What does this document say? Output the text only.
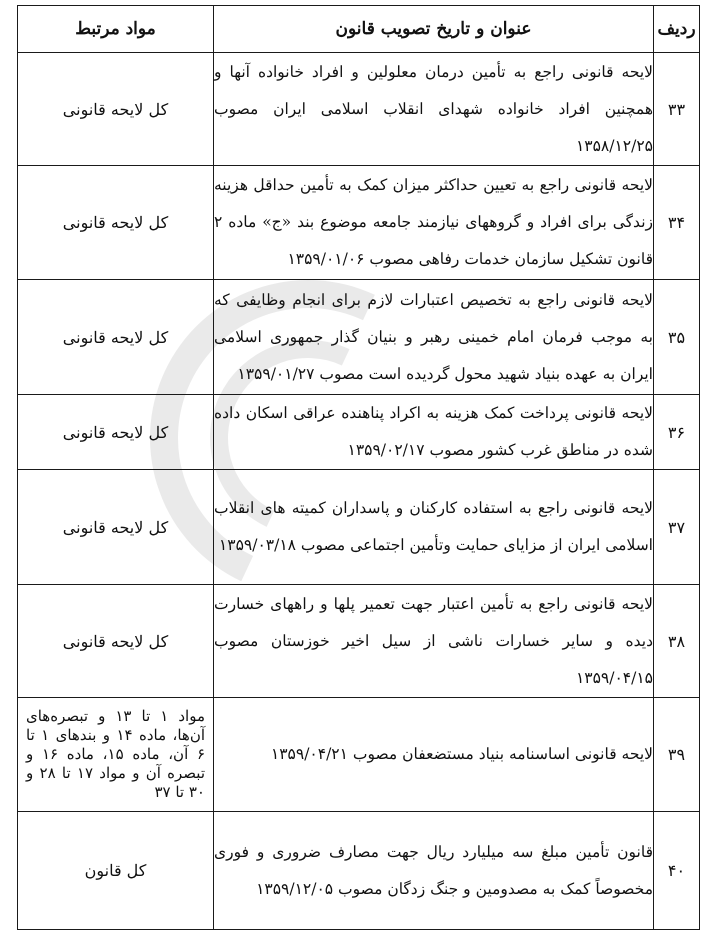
ردیف	عنوان و تاریخ تصویب قانون	مواد مرتبط
۳۳	لایحه قانونی راجع به تأمین درمان معلولین و افراد خانواده آنها و همچنین افراد خانواده شهدای انقلاب اسلامی ایران مصوب ۱۳۵۸/۱۲/۲۵	کل لایحه قانونی
۳۴	لایحه قانونی راجع به تعیین حداکثر میزان کمک به تأمین حداقل هزینه زندگی برای افراد و گروههای نیازمند جامعه موضوع بند «ج» ماده ۲ قانون تشکیل سازمان خدمات رفاهی مصوب ۱۳۵۹/۰۱/۰۶	کل لایحه قانونی
۳۵	لایحه قانونی راجع به تخصیص اعتبارات لازم برای انجام وظایفی که به موجب فرمان امام خمینی رهبر و بنیان گذار جمهوری اسلامی ایران به عهده بنیاد شهید محول گردیده است مصوب ۱۳۵۹/۰۱/۲۷	کل لایحه قانونی
۳۶	لایحه قانونی پرداخت کمک هزینه به اکراد پناهنده عراقی اسکان داده شده در مناطق غرب کشور مصوب ۱۳۵۹/۰۲/۱۷	کل لایحه قانونی
۳۷	لایحه قانونی راجع به استفاده کارکنان و پاسداران کمیته های انقلاب اسلامی ایران از مزایای حمایت وتأمین اجتماعی مصوب ۱۳۵۹/۰۳/۱۸	کل لایحه قانونی
۳۸	لایحه قانونی راجع به تأمین اعتبار جهت تعمیر پلها و راههای خسارت دیده و سایر خسارات ناشی از سیل اخیر خوزستان مصوب ۱۳۵۹/۰۴/۱۵	کل لایحه قانونی
۳۹	لایحه قانونی اساسنامه بنیاد مستضعفان مصوب ۱۳۵۹/۰۴/۲۱	مواد ۱ تا ۱۳ و تبصره‌های آن‌ها، ماده ۱۴ و بندهای ۱ تا ۶ آن، ماده ۱۵، ماده ۱۶ و تبصره آن و مواد ۱۷ تا ۲۸ و ۳۰ تا ۳۷
۴۰	قانون تأمین مبلغ سه میلیارد ریال جهت مصارف ضروری و فوری مخصوصاً کمک به مصدومین و جنگ زدگان مصوب ۱۳۵۹/۱۲/۰۵	کل قانون
